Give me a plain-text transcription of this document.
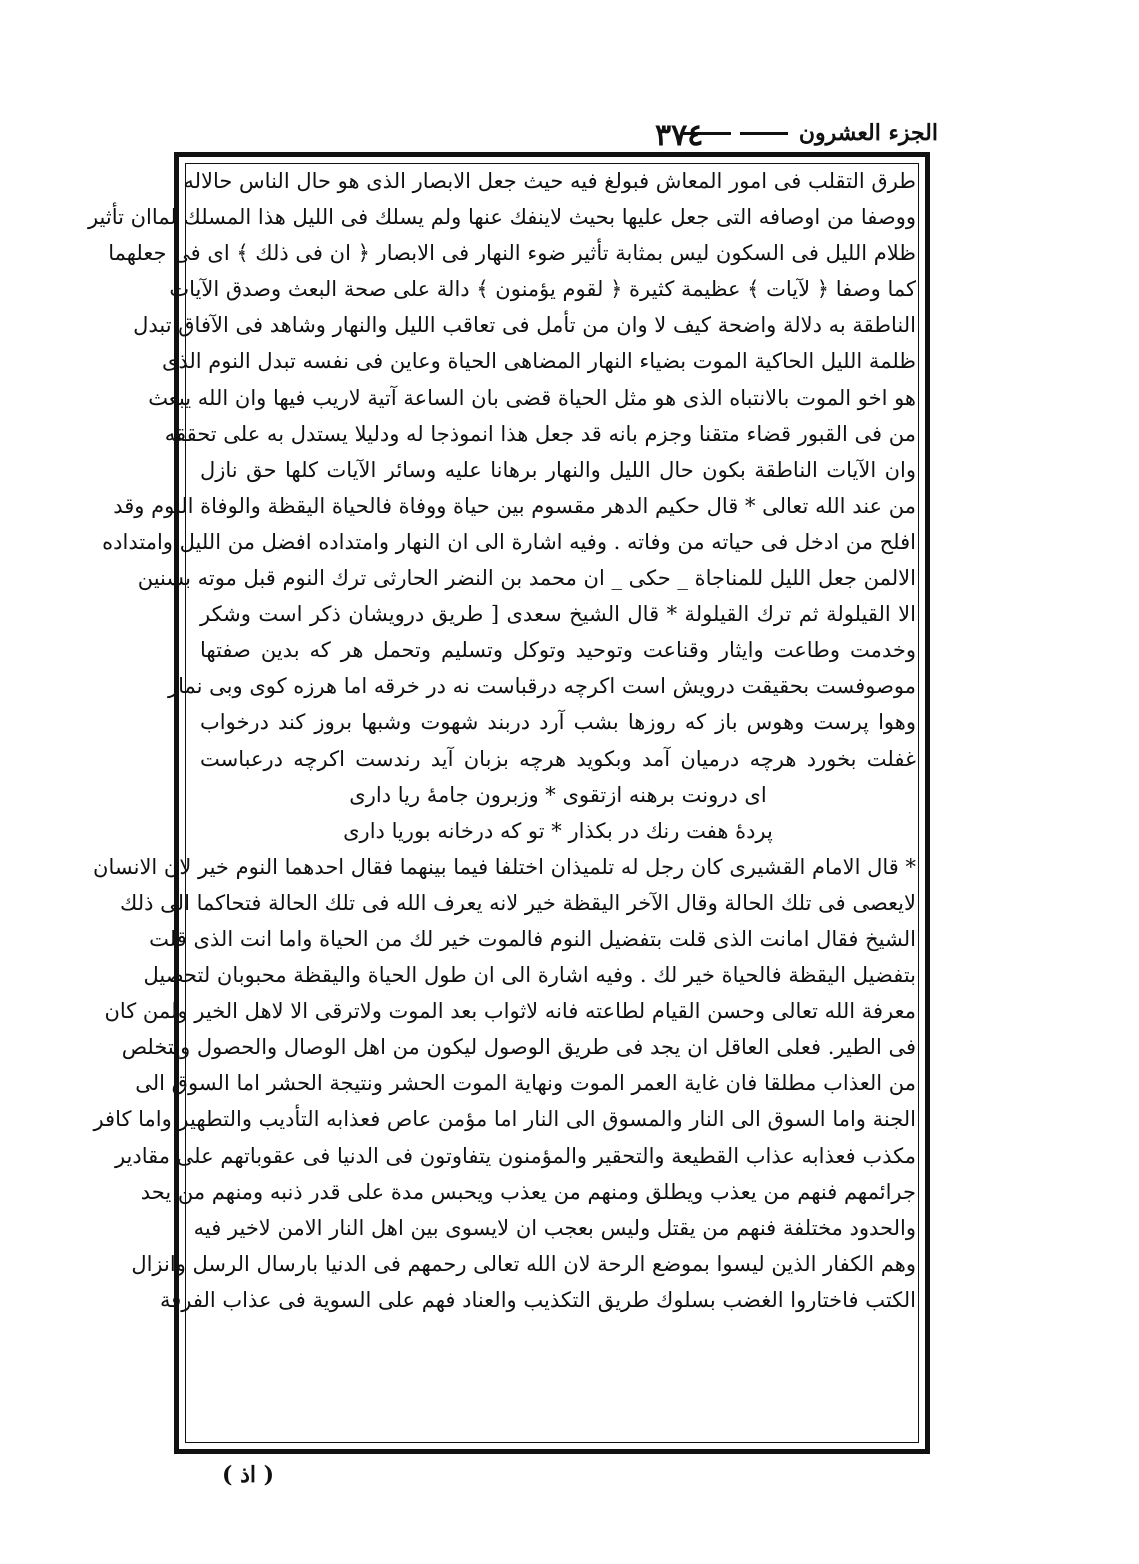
٣٧٤	الجزء العشرون
طرق التقلب فى امور المعاش فبولغ فيه حيث جعل الابصار الذى هو حال الناس حالاله
ووصفا من اوصافه التى جعل عليها بحيث لاينفك عنها ولم يسلك فى الليل هذا المسلك لماان تأثير
ظلام الليل فى السكون ليس بمثابة تأثير ضوء النهار فى الابصار ﴿ ان فى ذلك ﴾ اى فى جعلهما
كما وصفا ﴿ لآيات ﴾ عظيمة كثيرة ﴿ لقوم يؤمنون ﴾ دالة على صحة البعث وصدق الآيات
الناطقة به دلالة واضحة كيف لا وان من تأمل فى تعاقب الليل والنهار وشاهد فى الآفاق تبدل
ظلمة الليل الحاكية الموت بضياء النهار المضاهى الحياة وعاين فى نفسه تبدل النوم الذى
هو اخو الموت بالانتباه الذى هو مثل الحياة قضى بان الساعة آتية لاريب فيها وان الله يبعث
من فى القبور قضاء متقنا وجزم بانه قد جعل هذا انموذجا له ودليلا يستدل به على تحققه
وان الآيات الناطقة بكون حال الليل والنهار برهانا عليه وسائر الآيات كلها حق نازل
من عند الله تعالى * قال حكيم الدهر مقسوم بين حياة ووفاة فالحياة اليقظة والوفاة النوم وقد
افلح من ادخل فى حياته من وفاته . وفيه اشارة الى ان النهار وامتداده افضل من الليل وامتداده
الالمن جعل الليل للمناجاة _ حكى _ ان محمد بن النضر الحارثى ترك النوم قبل موته بسنين
الا القيلولة ثم ترك القيلولة * قال الشيخ سعدى [ طريق درويشان ذكر است وشكر
وخدمت وطاعت وايثار وقناعت وتوحيد وتوكل وتسليم وتحمل هر كه بدين صفتها
موصوفست بحقيقت درويش است اكرچه درقباست نه در خرقه اما هرزه كوى وبى نماز
وهوا پرست وهوس باز كه روزها بشب آرد دربند شهوت وشبها بروز كند درخواب
غفلت بخورد هرچه درميان آمد وبكويد هرچه بزبان آيد رندست اكرچه درعباست
اى درونت برهنه ازتقوى * وزبرون جامهٔ ريا دارى
پردهٔ هفت رنك در بكذار * تو كه درخانه بوريا دارى
* قال الامام القشيرى كان رجل له تلميذان اختلفا فيما بينهما فقال احدهما النوم خير لان الانسان
لايعصى فى تلك الحالة وقال الآخر اليقظة خير لانه يعرف الله فى تلك الحالة فتحاكما الى ذلك
الشيخ فقال امانت الذى قلت بتفضيل النوم فالموت خير لك من الحياة واما انت الذى قلت
بتفضيل اليقظة فالحياة خير لك . وفيه اشارة الى ان طول الحياة واليقظة محبوبان لتحصيل
معرفة الله تعالى وحسن القيام لطاعته فانه لاثواب بعد الموت ولاترقى الا لاهل الخير ولمن كان
فى الطير. فعلى العاقل ان يجد فى طريق الوصول ليكون من اهل الوصال والحصول ويتخلص
من العذاب مطلقا فان غاية العمر الموت ونهاية الموت الحشر ونتيجة الحشر اما السوق الى
الجنة واما السوق الى النار والمسوق الى النار اما مؤمن عاص فعذابه التأديب والتطهير واما كافر
مكذب فعذابه عذاب القطيعة والتحقير والمؤمنون يتفاوتون فى الدنيا فى عقوباتهم على مقادير
جرائمهم فنهم من يعذب ويطلق ومنهم من يعذب ويحبس مدة على قدر ذنبه ومنهم من يحد
والحدود مختلفة فنهم من يقتل وليس بعجب ان لايسوى بين اهل النار الامن لاخير فيه
وهم الكفار الذين ليسوا بموضع الرحة لان الله تعالى رحمهم فى الدنيا بارسال الرسل وانزال
الكتب فاختاروا الغضب بسلوك طريق التكذيب والعناد فهم على السوية فى عذاب الفرقة
( اذ )
